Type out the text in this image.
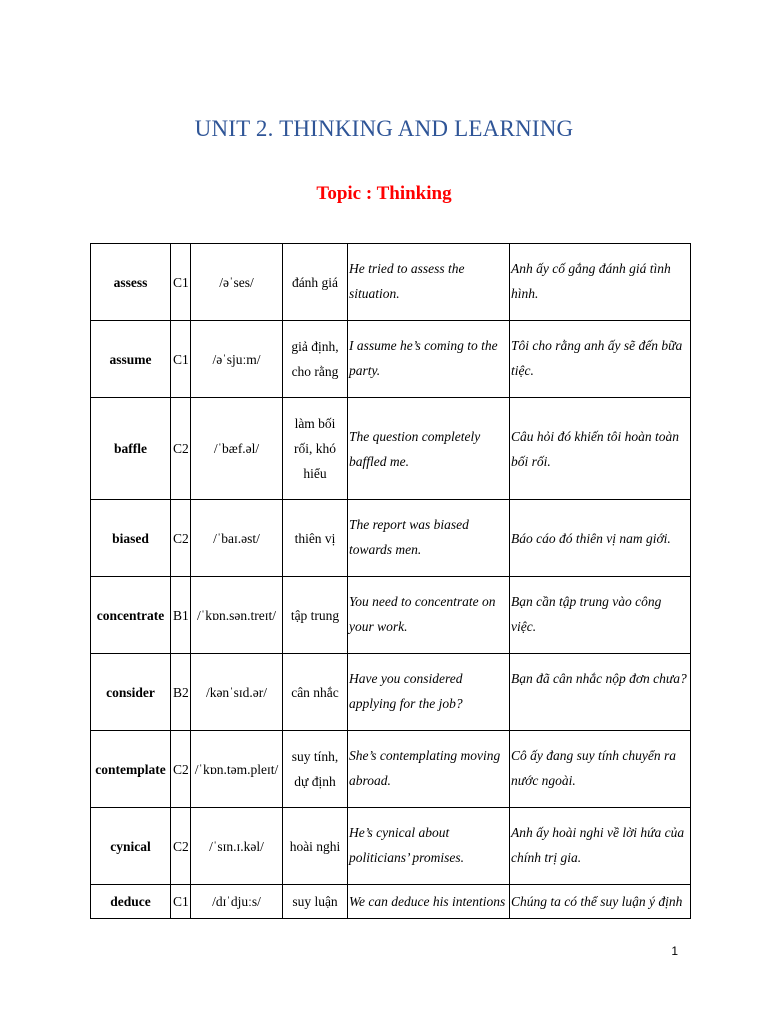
UNIT 2. THINKING AND LEARNING
Topic : Thinking
assess	C1	/əˈses/	đánh giá	He tried to assess the situation.	Anh ấy cố gắng đánh giá tình hình.
assume	C1	/əˈsjuːm/	giả định, cho rằng	I assume he’s coming to the party.	Tôi cho rằng anh ấy sẽ đến bữa tiệc.
baffle	C2	/ˈbæf.əl/	làm bối rối, khó hiểu	The question completely baffled me.	Câu hỏi đó khiến tôi hoàn toàn bối rối.
biased	C2	/ˈbaɪ.əst/	thiên vị	The report was biased towards men.	Báo cáo đó thiên vị nam giới.
concentrate	B1	/ˈkɒn.sən.treɪt/	tập trung	You need to concentrate on your work.	Bạn cần tập trung vào công việc.
consider	B2	/kənˈsɪd.ər/	cân nhắc	Have you considered applying for the job?	Bạn đã cân nhắc nộp đơn chưa?
contemplate	C2	/ˈkɒn.təm.pleɪt/	suy tính, dự định	She’s contemplating moving abroad.	Cô ấy đang suy tính chuyển ra nước ngoài.
cynical	C2	/ˈsɪn.ɪ.kəl/	hoài nghi	He’s cynical about politicians’ promises.	Anh ấy hoài nghi về lời hứa của chính trị gia.
deduce	C1	/dɪˈdjuːs/	suy luận	We can deduce his intentions	Chúng ta có thể suy luận ý định
1
